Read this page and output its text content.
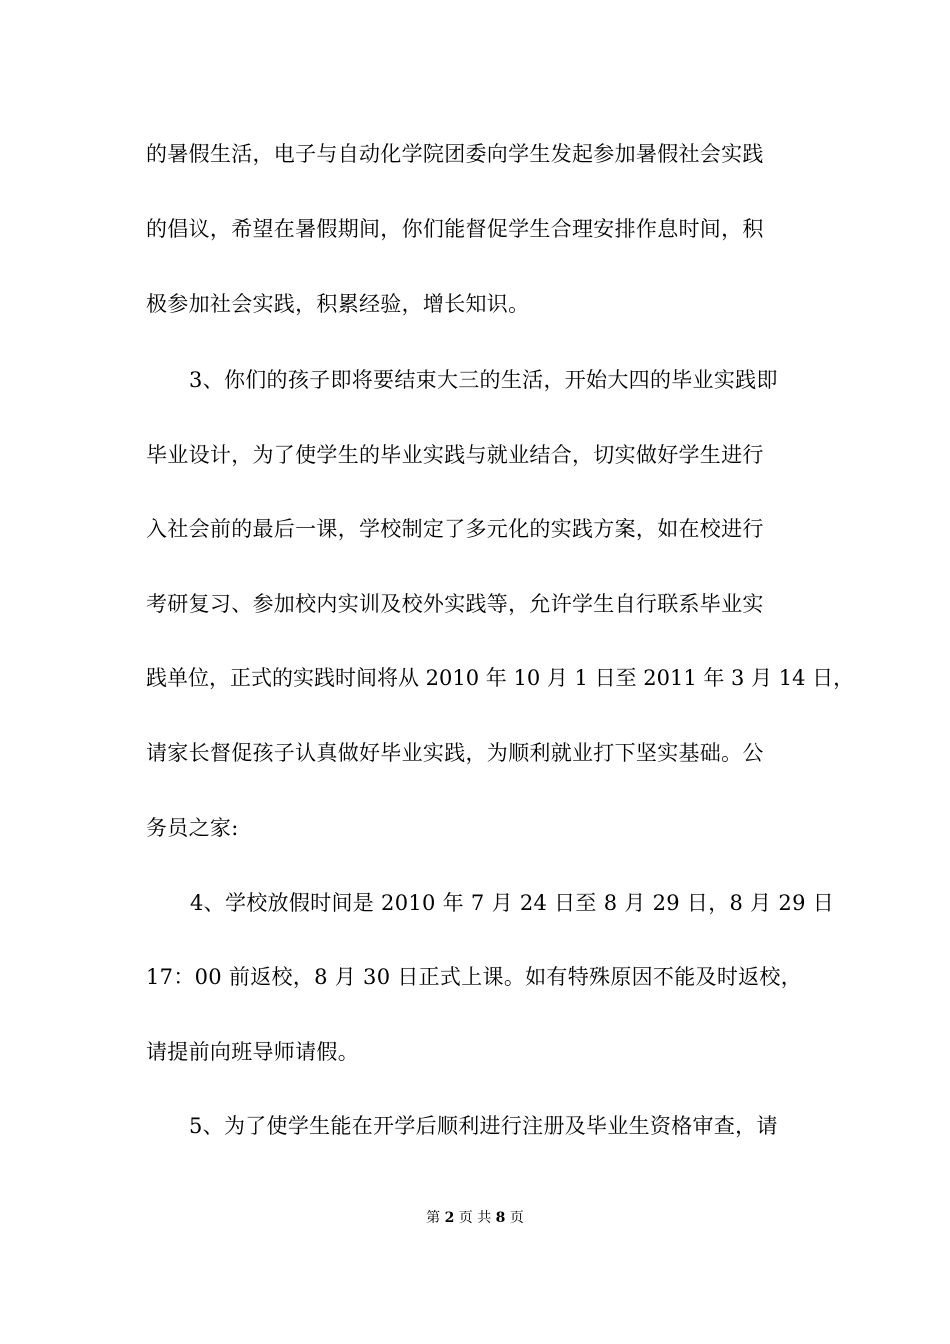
的暑假生活，电子与自动化学院团委向学生发起参加暑假社会实践
的倡议，希望在暑假期间，你们能督促学生合理安排作息时间，积
极参加社会实践，积累经验，增长知识。
3、你们的孩子即将要结束大三的生活，开始大四的毕业实践即
毕业设计，为了使学生的毕业实践与就业结合，切实做好学生进行
入社会前的最后一课，学校制定了多元化的实践方案，如在校进行
考研复习、参加校内实训及校外实践等，允许学生自行联系毕业实
践单位，正式的实践时间将从 2010 年 10 月 1 日至 2011 年 3 月 14 日，
请家长督促孩子认真做好毕业实践，为顺利就业打下坚实基础。公
务员之家:
4、学校放假时间是 2010 年 7 月 24 日至 8 月 29 日，8 月 29 日
17：00 前返校，8 月 30 日正式上课。如有特殊原因不能及时返校，
请提前向班导师请假。
5、为了使学生能在开学后顺利进行注册及毕业生资格审查，请
第 2 页 共 8 页
